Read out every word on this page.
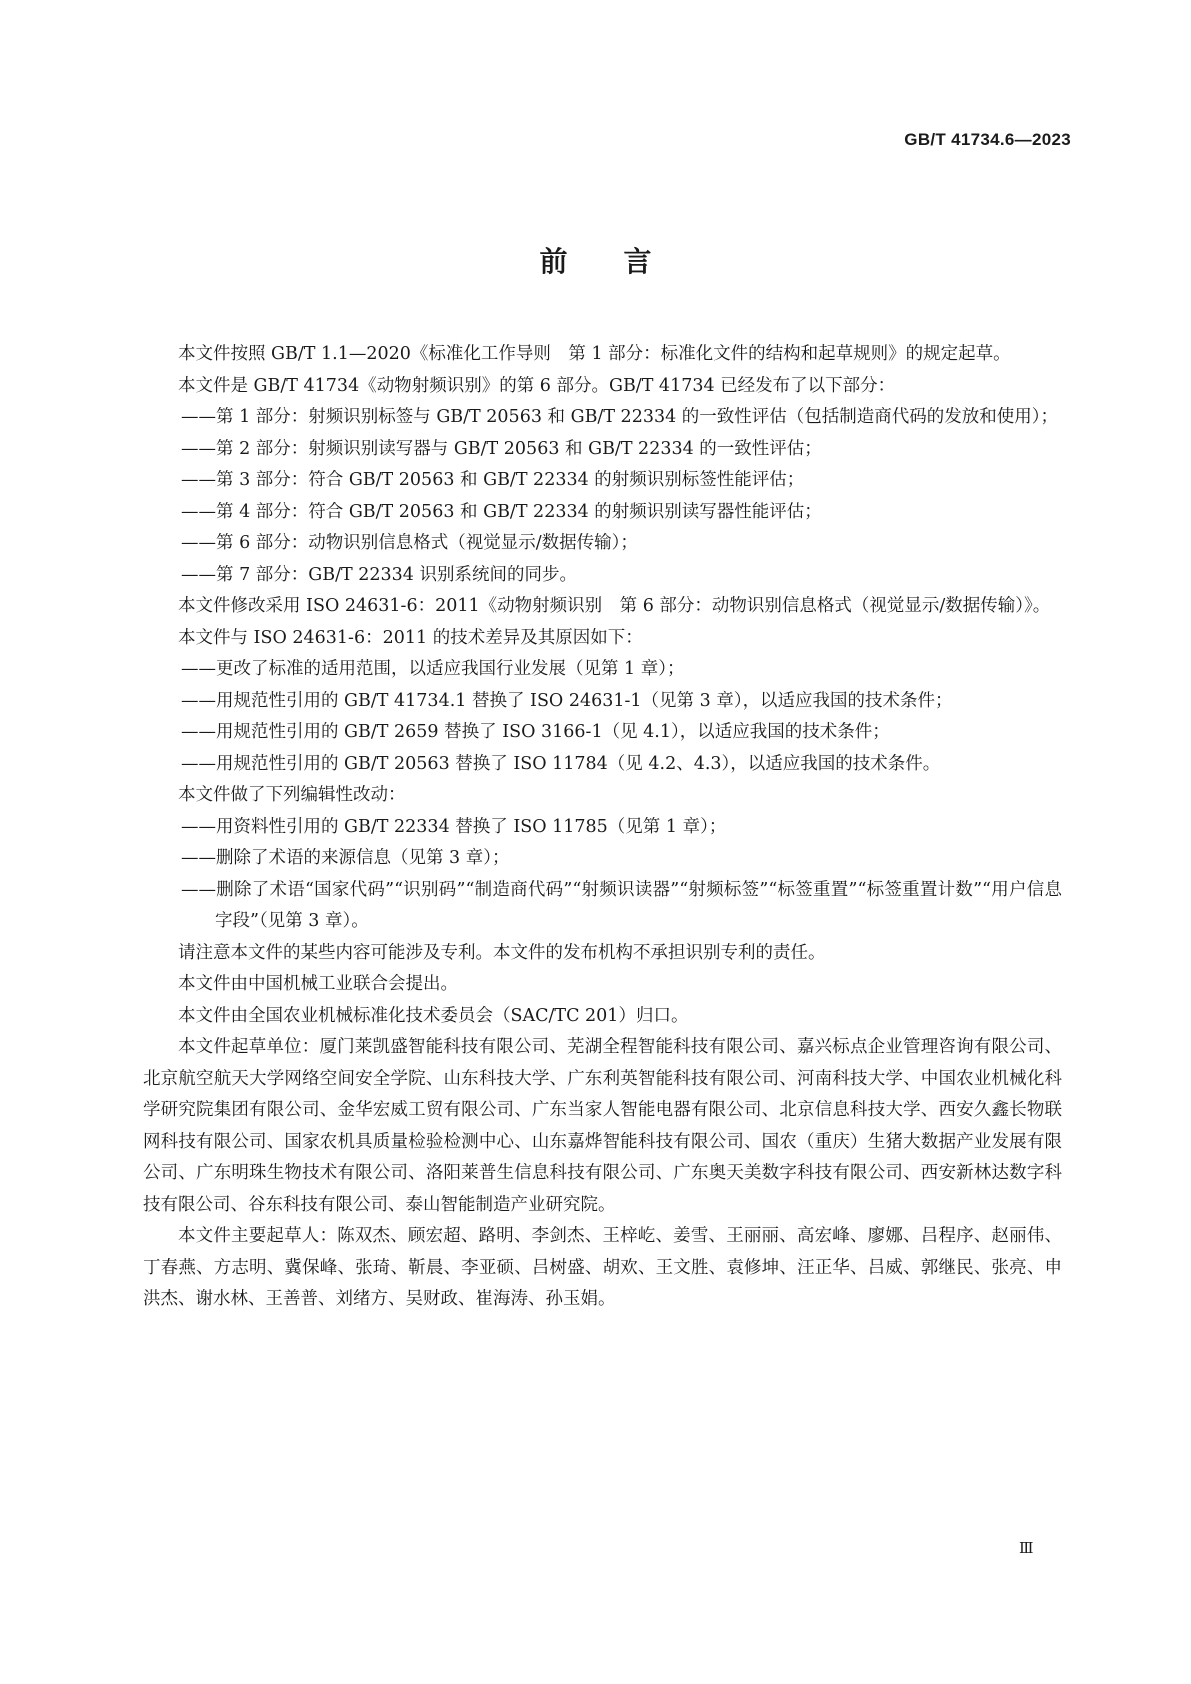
GB/T 41734.6—2023
前言

本文件按照 GB/T 1.1—2020《标准化工作导则　第 1 部分：标准化文件的结构和起草规则》的规定起草。

本文件是 GB/T 41734《动物射频识别》的第 6 部分。GB/T 41734 已经发布了以下部分：

——第 1 部分：射频识别标签与 GB/T 20563 和 GB/T 22334 的一致性评估（包括制造商代码的发放和使用）；

——第 2 部分：射频识别读写器与 GB/T 20563 和 GB/T 22334 的一致性评估；

——第 3 部分：符合 GB/T 20563 和 GB/T 22334 的射频识别标签性能评估；

——第 4 部分：符合 GB/T 20563 和 GB/T 22334 的射频识别读写器性能评估；

——第 6 部分：动物识别信息格式（视觉显示/数据传输）；

——第 7 部分：GB/T 22334 识别系统间的同步。

本文件修改采用 ISO 24631-6：2011《动物射频识别　第 6 部分：动物识别信息格式（视觉显示/数据传输）》。

本文件与 ISO 24631-6：2011 的技术差异及其原因如下：

——更改了标准的适用范围，以适应我国行业发展（见第 1 章）；

——用规范性引用的 GB/T 41734.1 替换了 ISO 24631-1（见第 3 章），以适应我国的技术条件；

——用规范性引用的 GB/T 2659 替换了 ISO 3166-1（见 4.1），以适应我国的技术条件；

——用规范性引用的 GB/T 20563 替换了 ISO 11784（见 4.2、4.3），以适应我国的技术条件。

本文件做了下列编辑性改动：

——用资料性引用的 GB/T 22334 替换了 ISO 11785（见第 1 章）；

——删除了术语的来源信息（见第 3 章）；

——删除了术语“国家代码”“识别码”“制造商代码”“射频识读器”“射频标签”“标签重置”“标签重置计数”“用户信息字段”（见第 3 章）。

请注意本文件的某些内容可能涉及专利。本文件的发布机构不承担识别专利的责任。

本文件由中国机械工业联合会提出。

本文件由全国农业机械标准化技术委员会（SAC/TC 201）归口。

本文件起草单位：厦门莱凯盛智能科技有限公司、芜湖全程智能科技有限公司、嘉兴标点企业管理咨询有限公司、北京航空航天大学网络空间安全学院、山东科技大学、广东利英智能科技有限公司、河南科技大学、中国农业机械化科学研究院集团有限公司、金华宏威工贸有限公司、广东当家人智能电器有限公司、北京信息科技大学、西安久鑫长物联网科技有限公司、国家农机具质量检验检测中心、山东嘉烨智能科技有限公司、国农（重庆）生猪大数据产业发展有限公司、广东明珠生物技术有限公司、洛阳莱普生信息科技有限公司、广东奥天美数字科技有限公司、西安新林达数字科技有限公司、谷东科技有限公司、泰山智能制造产业研究院。

本文件主要起草人：陈双杰、顾宏超、路明、李剑杰、王梓屹、姜雪、王丽丽、高宏峰、廖娜、吕程序、赵丽伟、丁春燕、方志明、冀保峰、张琦、靳晨、李亚硕、吕树盛、胡欢、王文胜、袁修坤、汪正华、吕威、郭继民、张亮、申洪杰、谢水林、王善普、刘绪方、吴财政、崔海涛、孙玉娟。

Ⅲ
